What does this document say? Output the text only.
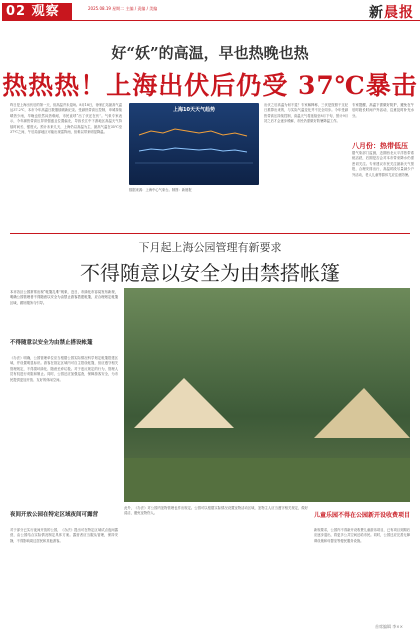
02 观察	2025.08.19 星期二 主编 / 责编 / 美编	新晨报
好“妖”的高温，早也热晚也热
热热热！上海出伏后仍受 37℃暴击
昨日是上海出伏后的第一天，但高温并未退场。8月18日，徐家汇站最高气温达37.2℃，本市今年高温日数继续刷新纪录。受副热带高压控制，申城持续晴热少雨，早晚也依然闷热难耐，市民直呼“出了伏还在伏”。气象专家表示，今年副热带高压异常强盛且位置偏北，导致长江中下游地区高温天气持续时间长、强度大。预计未来几天，上海仍以高温为主，最高气温在35℃至37℃之间，午后局部地区可能出现雷阵雨，但难以带来明显降温。
上海10天天气趋势
数据来源：上海中心气象台。制图：新晨报
出伏之后高温为何不退？专家解释称，三伏是按照干支纪日推算出来的，与实际气温变化并不完全同步。今年受副热带高压持续控制，高温天气将延续至8月下旬，预计9月初之后才会逐步缓解，市民仍需做好防暑降温工作。
专家提醒，高温下需做好防护，避免在午后时段长时间户外活动，注意及时补充水分。
八月份：热带低压
据气象部门监测，近期西北太平洋热带系统活跃，后期是否会对本市带来降水仍需密切关注。专家建议市民关注最新天气预报，合理安排出行，高温时段尽量减少户外活动，老人儿童等群体尤应注意防暑。
下月起上海公园管理有新要求
不得随意以安全为由禁搭帐篷
本市各区公园常常出现“帐篷扎堆”现象，近日，市绿化市容局发布新规，明确公园管理者不得随意以安全为由禁止游客搭建帐篷，应合理划定帐篷区域，做好服务与引导。
不得随意以安全为由禁止搭设帐篷
《办法》明确，公园管理单位应当根据公园实际情况科学划定帐篷搭建区域，并设置明显标识。游客在指定区域内可自主搭设帐篷，但应遵守相关管理规定，不得损坏绿化、随意丢弃垃圾。对于违反规定的行为，管理人员有权进行劝阻和制止。同时，公园还应加强巡查，保障游客安全，为市民提供更加开放、友好的休闲空间。
夜间开放公园在特定区域夜间可露营
对于部分已实行夜间开放的公园，《办法》提出可在特定区域试点夜间露营，由公园结合实际情况制定具体方案。露营者应当服从管理，保持安静，不得影响周边居民和其他游客。
此外，《办法》对公园内宠物管理也作出规定。公园可以根据实际情况设置宠物活动区域，宠物主人应当遵守相关规定，做好清洁，避免宠物伤人。	儿童乐园不得在公园新开设收费项目
新规要求，公园内不得新开设收费儿童游乐项目，已有项目到期后应逐步退出，将更多公共空间还给市民。同时，公园还应完善无障碍设施和母婴室等便民服务设施。
首席编辑 李××
